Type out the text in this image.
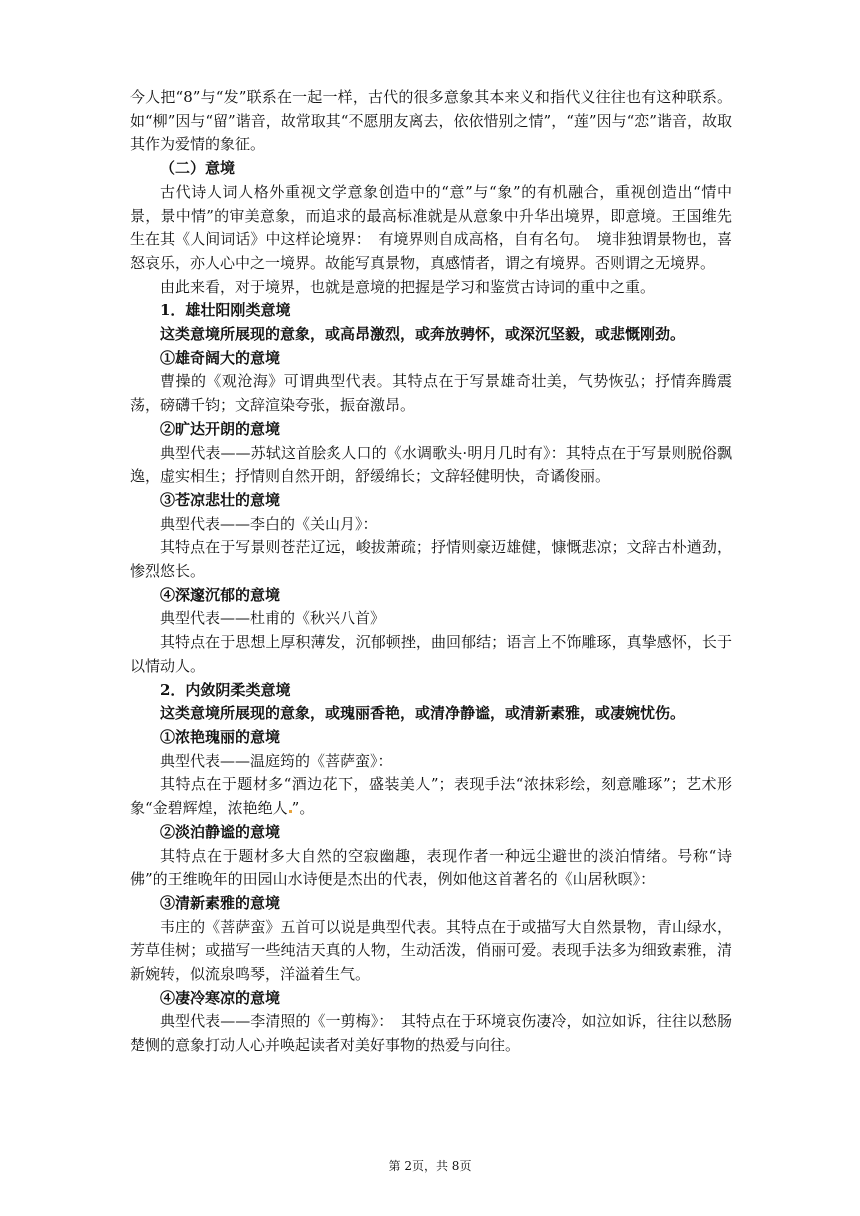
今人把“8”与“发”联系在一起一样，古代的很多意象其本来义和指代义往往也有这种联系。如“柳”因与“留”谐音，故常取其“不愿朋友离去，依依惜别之情”，“莲”因与“恋”谐音，故取其作为爱情的象征。

（二）意境

古代诗人词人格外重视文学意象创造中的“意”与“象”的有机融合，重视创造出“情中景，景中情”的审美意象，而追求的最高标准就是从意象中升华出境界，即意境。王国维先生在其《人间词话》中这样论境界：　有境界则自成高格，自有名句。　境非独谓景物也，喜怒哀乐，亦人心中之一境界。故能写真景物，真感情者，谓之有境界。否则谓之无境界。

由此来看，对于境界，也就是意境的把握是学习和鉴赏古诗词的重中之重。

1．雄壮阳刚类意境

这类意境所展现的意象，或高昂激烈，或奔放骋怀，或深沉坚毅，或悲慨刚劲。

①雄奇阔大的意境

曹操的《观沧海》可谓典型代表。其特点在于写景雄奇壮美，气势恢弘；抒情奔腾震荡，磅礴千钧；文辞渲染夸张，振奋激昂。

②旷达开朗的意境

典型代表——苏轼这首脍炙人口的《水调歌头·明月几时有》：其特点在于写景则脱俗飘逸，虚实相生；抒情则自然开朗，舒缓绵长；文辞轻健明快，奇谲俊丽。

③苍凉悲壮的意境

典型代表——李白的《关山月》：

其特点在于写景则苍茫辽远，峻拔萧疏；抒情则豪迈雄健，慷慨悲凉；文辞古朴遒劲，惨烈悠长。

④深邃沉郁的意境

典型代表——杜甫的《秋兴八首》

其特点在于思想上厚积薄发，沉郁顿挫，曲回郁结；语言上不饰雕琢，真挚感怀，长于以情动人。

2．内敛阴柔类意境

这类意境所展现的意象，或瑰丽香艳，或清净静谧，或清新素雅，或凄婉忧伤。

①浓艳瑰丽的意境

典型代表——温庭筠的《菩萨蛮》：

其特点在于题材多“酒边花下，盛装美人”；表现手法“浓抹彩绘，刻意雕琢”；艺术形象“金碧辉煌，浓艳绝人 ”。

②淡泊静谧的意境

其特点在于题材多大自然的空寂幽趣，表现作者一种远尘避世的淡泊情绪。号称“诗佛”的王维晚年的田园山水诗便是杰出的代表，例如他这首著名的《山居秋暝》：

③清新素雅的意境

韦庄的《菩萨蛮》五首可以说是典型代表。其特点在于或描写大自然景物，青山绿水，芳草佳树；或描写一些纯洁天真的人物，生动活泼，俏丽可爱。表现手法多为细致素雅，清新婉转，似流泉鸣琴，洋溢着生气。

④凄冷寒凉的意境

典型代表——李清照的《一剪梅》：　其特点在于环境哀伤凄冷，如泣如诉，往往以愁肠楚恻的意象打动人心并唤起读者对美好事物的热爱与向往。

第 2页，共 8页
